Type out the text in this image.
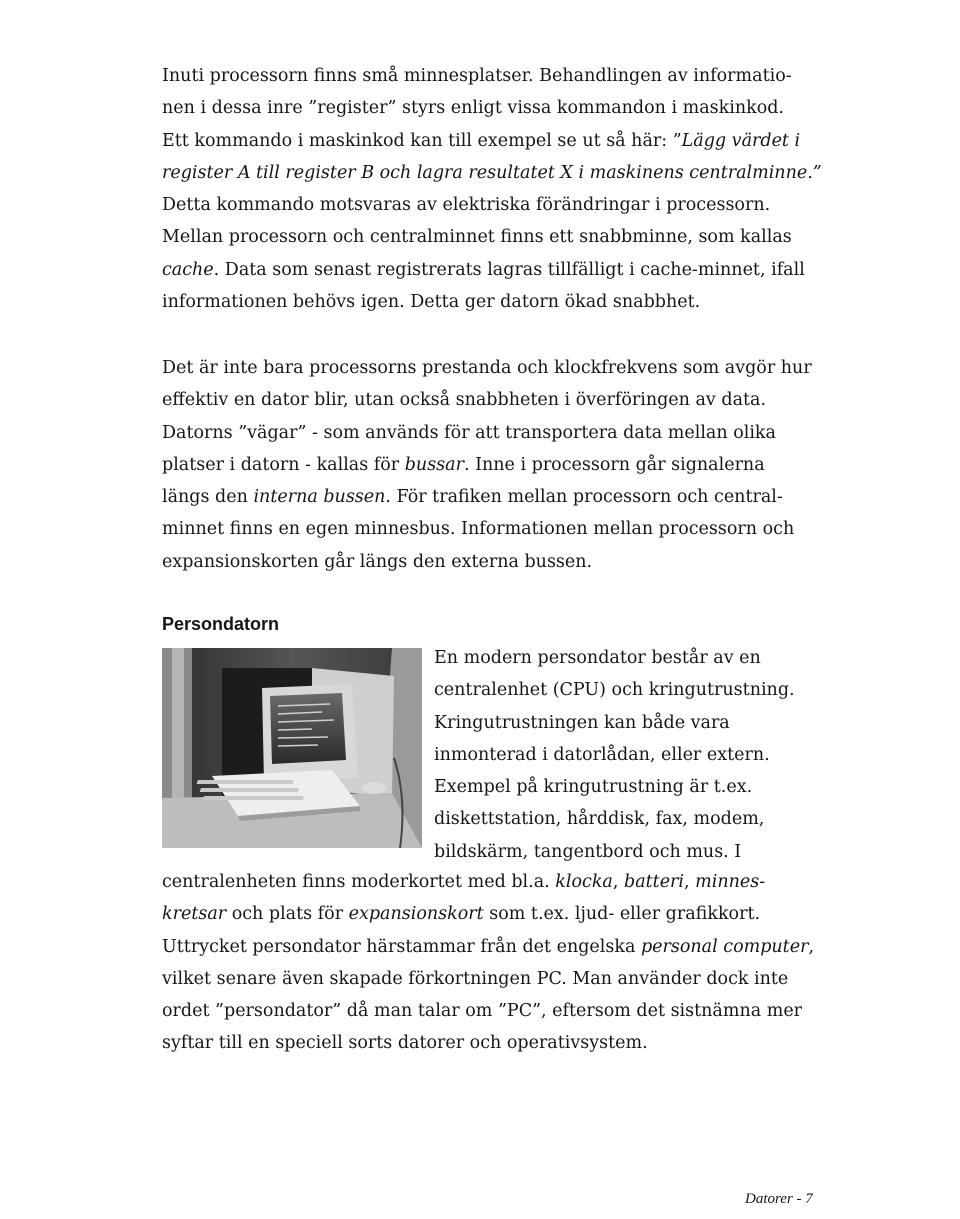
Inuti processorn finns små minnesplatser. Behandlingen av informatio-
nen i dessa inre ”register” styrs enligt vissa kommandon i maskinkod.
Ett kommando i maskinkod kan till exempel se ut så här: ”Lägg värdet i
register A till register B och lagra resultatet X i maskinens centralminne.”
Detta kommando motsvaras av elektriska förändringar i processorn.
Mellan processorn och centralminnet finns ett snabbminne, som kallas
cache. Data som senast registrerats lagras tillfälligt i cache-minnet, ifall
informationen behövs igen. Detta ger datorn ökad snabbhet.
Det är inte bara processorns prestanda och klockfrekvens som avgör hur
effektiv en dator blir, utan också snabbheten i överföringen av data.
Datorns ”vägar” - som används för att transportera data mellan olika
platser i datorn - kallas för bussar. Inne i processorn går signalerna
längs den interna bussen. För trafiken mellan processorn och central-
minnet finns en egen minnesbus. Informationen mellan processorn och
expansionskorten går längs den externa bussen.
Persondatorn
En modern persondator består av en
centralenhet (CPU) och kringutrustning.
Kringutrustningen kan både vara
inmonterad i datorlådan, eller extern.
Exempel på kringutrustning är t.ex.
diskettstation, hårddisk, fax, modem,
bildskärm, tangentbord och mus. I
centralenheten finns moderkortet med bl.a. klocka, batteri, minnes-
kretsar och plats för expansionskort som t.ex. ljud- eller grafikkort.
Uttrycket persondator härstammar från det engelska personal computer,
vilket senare även skapade förkortningen PC. Man använder dock inte
ordet ”persondator” då man talar om ”PC”, eftersom det sistnämna mer
syftar till en speciell sorts datorer och operativsystem.

Datorer - 7
